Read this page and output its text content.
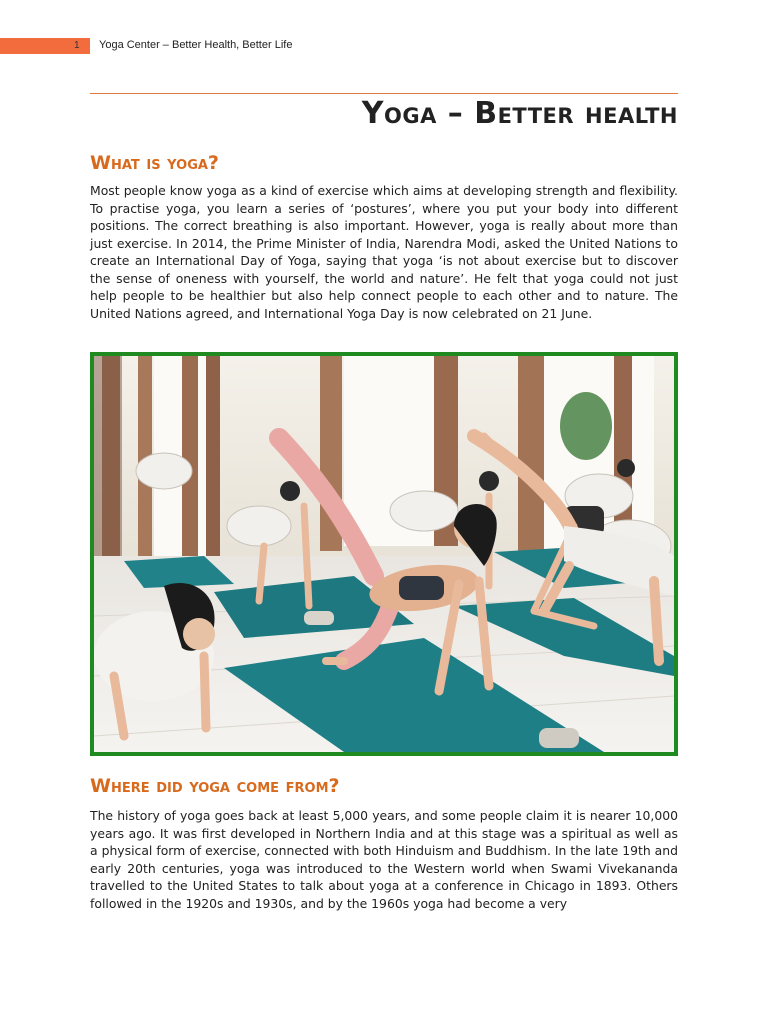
1 Yoga Center – Better Health, Better Life
Yoga – Better health
What is yoga?

Most people know yoga as a kind of exercise which aims at developing strength and flexibility. To practise yoga, you learn a series of ‘postures’, where you put your body into different positions. The correct breathing is also important. However, yoga is really about more than just exercise. In 2014, the Prime Minister of India, Narendra Modi, asked the United Nations to create an International Day of Yoga, saying that yoga ‘is not about exercise but to discover the sense of oneness with yourself, the world and nature’. He felt that yoga could not just help people to be healthier but also help connect people to each other and to nature. The United Nations agreed, and International Yoga Day is now celebrated on 21 June.

Where did yoga come from?

The history of yoga goes back at least 5,000 years, and some people claim it is nearer 10,000 years ago. It was first developed in Northern India and at this stage was a spiritual as well as a physical form of exercise, connected with both Hinduism and Buddhism. In the late 19th and early 20th centuries, yoga was introduced to the Western world when Swami Vivekananda travelled to the United States to talk about yoga at a conference in Chicago in 1893. Others followed in the 1920s and 1930s, and by the 1960s yoga had become a very
